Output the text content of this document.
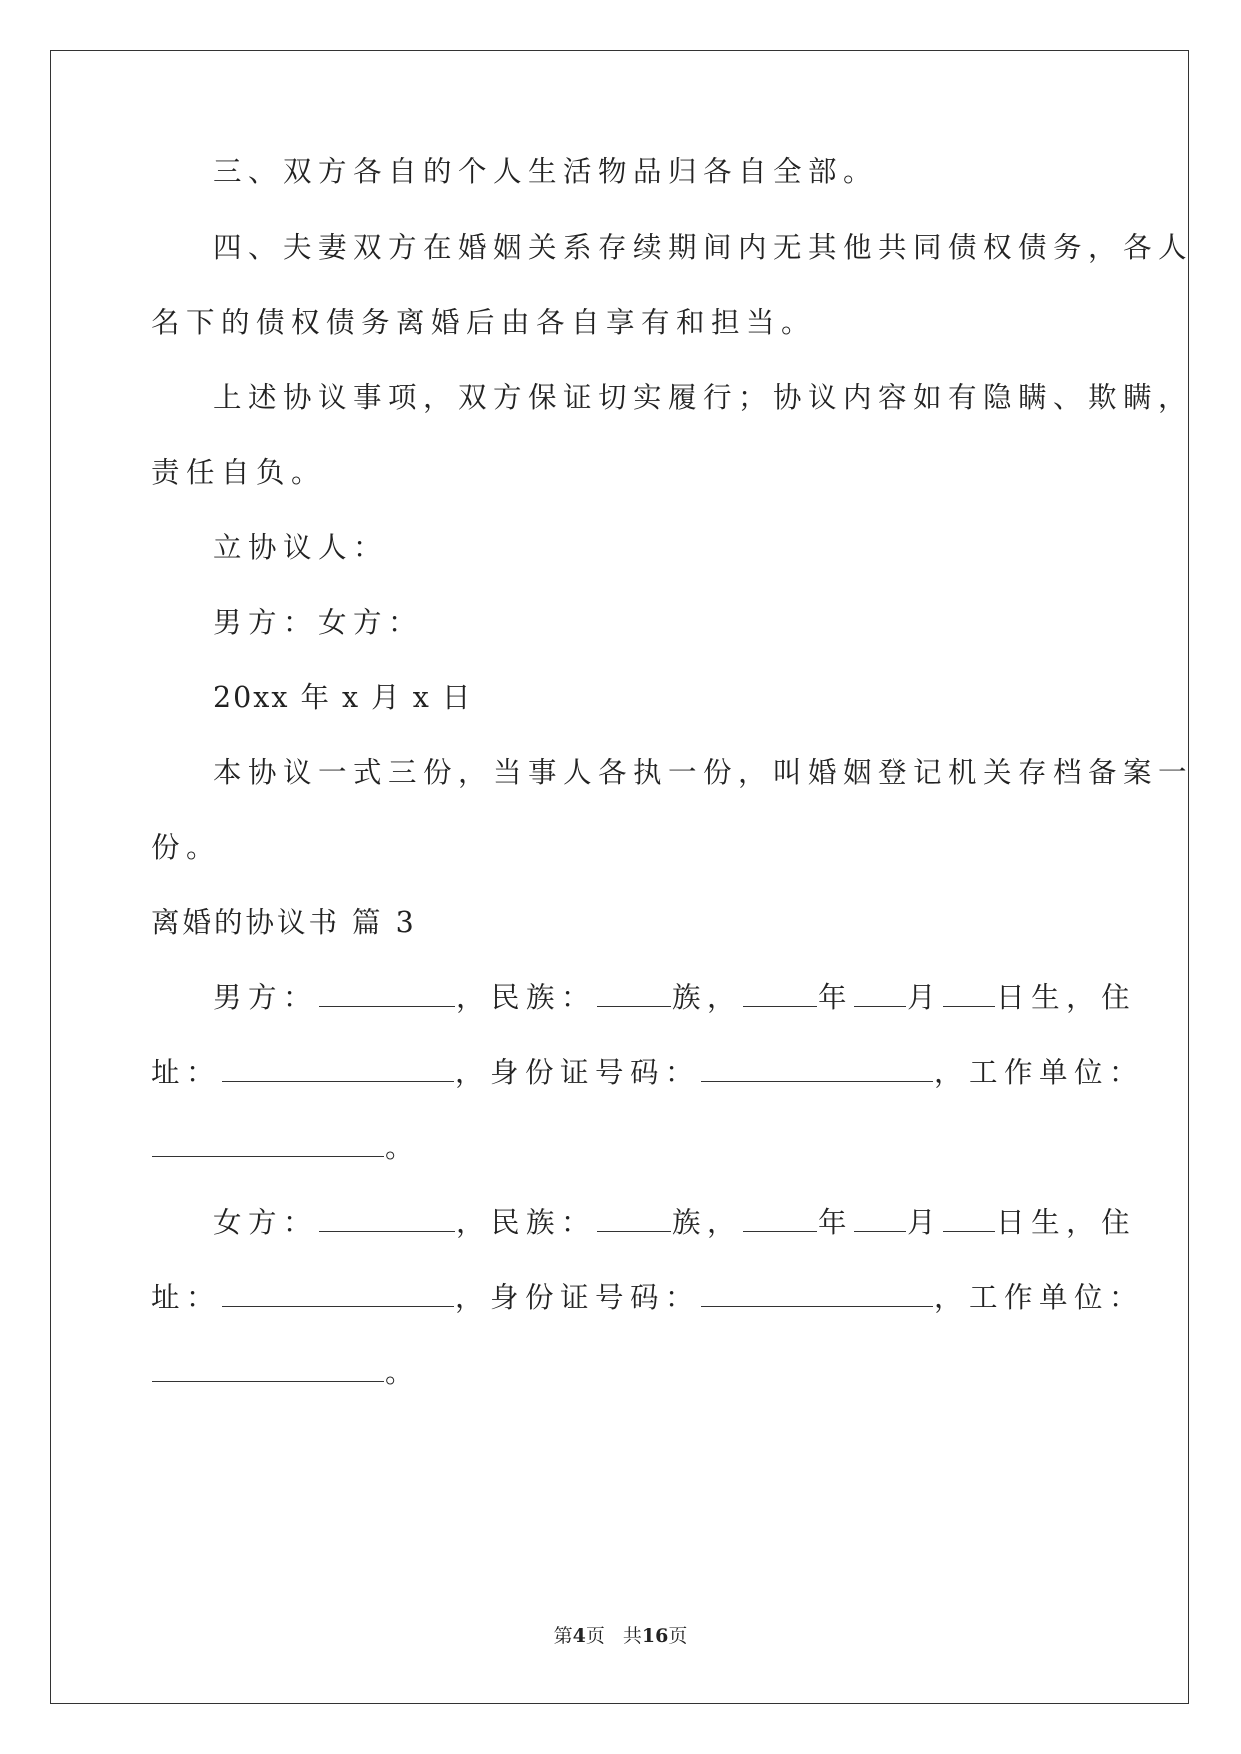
三、双方各自的个人生活物品归各自全部。
四、夫妻双方在婚姻关系存续期间内无其他共同债权债务，各人
名下的债权债务离婚后由各自享有和担当。
上述协议事项，双方保证切实履行；协议内容如有隐瞒、欺瞒，
责任自负。
立协议人：
男方：女方：
20xx 年 x 月 x 日
本协议一式三份，当事人各执一份，叫婚姻登记机关存档备案一
份。
离婚的协议书 篇 3
男方：	，民族：	族，	年 月 日生，住
址：	，身份证号码：	，工作单位：
。
女方：	，民族：	族，	年 月 日生，住
址：	，身份证号码：	，工作单位：
。
第4页 共16页
